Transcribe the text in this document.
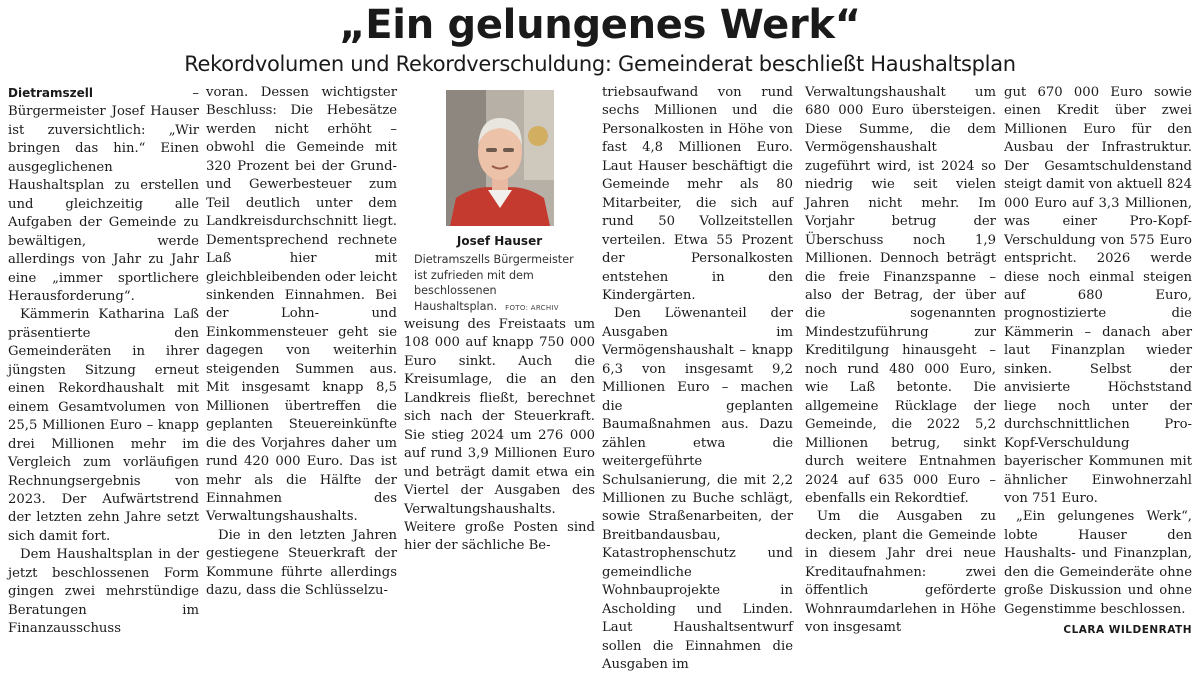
„Ein gelungenes Werk“
Rekordvolumen und Rekordverschuldung: Gemeinderat beschließt Haushaltsplan

Dietramszell	– Bürgermeister Josef Hauser ist zuversichtlich: „Wir bringen das hin.“ Einen ausgeglichenen Haushaltsplan zu erstellen und gleichzeitig alle Aufgaben der Gemeinde zu bewältigen, werde allerdings von Jahr zu Jahr eine „immer sportlichere Herausforderung“.

Kämmerin Katharina Laß präsentierte den Gemeinderäten in ihrer jüngsten Sitzung erneut einen Rekordhaushalt mit einem Gesamtvolumen von 25,5 Millionen Euro – knapp drei Millionen mehr im Vergleich zum vorläufigen Rechnungsergebnis von 2023. Der Aufwärtstrend der letzten zehn Jahre setzt sich damit fort.

Dem Haushaltsplan in der jetzt beschlossenen Form gingen zwei mehrstündige Beratungen im Finanzausschuss

voran. Dessen wichtigster Beschluss: Die Hebesätze werden nicht erhöht – obwohl die Gemeinde mit 320 Prozent bei der Grund- und Gewerbesteuer zum Teil deutlich unter dem Landkreisdurchschnitt liegt. Dementsprechend rechnete Laß hier mit gleichbleibenden oder leicht sinkenden Einnahmen. Bei der Lohn- und Einkommensteuer geht sie dagegen von weiterhin steigenden Summen aus. Mit insgesamt knapp 8,5 Millionen übertreffen die geplanten Steuereinkünfte die des Vorjahres daher um rund 420 000 Euro. Das ist mehr als die Hälfte der Einnahmen des Verwaltungshaushalts.

Die in den letzten Jahren gestiegene Steuerkraft der Kommune führte allerdings dazu, dass die Schlüsselzu-

Josef Hauser
Dietramszells Bürgermeister ist zufrieden mit dem beschlossenen Haushaltsplan. FOTO: ARCHIV

weisung des Freistaats um 108 000 auf knapp 750 000 Euro sinkt. Auch die Kreisumlage, die an den Landkreis fließt, berechnet sich nach der Steuerkraft. Sie stieg 2024 um 276 000 auf rund 3,9 Millionen Euro und beträgt damit etwa ein Viertel der Ausgaben des Verwaltungshaushalts. Weitere große Posten sind hier der sächliche Be-

triebsaufwand von rund sechs Millionen und die Personalkosten in Höhe von fast 4,8 Millionen Euro. Laut Hauser beschäftigt die Gemeinde mehr als 80 Mitarbeiter, die sich auf rund 50 Vollzeitstellen verteilen. Etwa 55 Prozent der Personalkosten entstehen in den Kindergärten.

Den Löwenanteil der Ausgaben im Vermögenshaushalt – knapp 6,3 von insgesamt 9,2 Millionen Euro – machen die geplanten Baumaßnahmen aus. Dazu zählen etwa die weitergeführte Schulsanierung, die mit 2,2 Millionen zu Buche schlägt, sowie Straßenarbeiten, der Breitbandausbau, Katastrophenschutz und gemeindliche Wohnbauprojekte in Ascholding und Linden. Laut Haushaltsentwurf sollen die Einnahmen die Ausgaben im

Verwaltungshaushalt um 680 000 Euro übersteigen. Diese Summe, die dem Vermögenshaushalt zugeführt wird, ist 2024 so niedrig wie seit vielen Jahren nicht mehr. Im Vorjahr betrug der Überschuss noch 1,9 Millionen. Dennoch beträgt die freie Finanzspanne – also der Betrag, der über die sogenannten Mindestzuführung zur Kreditilgung hinausgeht – noch rund 480 000 Euro, wie Laß betonte. Die allgemeine Rücklage der Gemeinde, die 2022 5,2 Millionen betrug, sinkt durch weitere Entnahmen 2024 auf 635 000 Euro – ebenfalls ein Rekordtief.

Um die Ausgaben zu decken, plant die Gemeinde in diesem Jahr drei neue Kreditaufnahmen: zwei öffentlich geförderte Wohnraumdarlehen in Höhe von insgesamt

gut 670 000 Euro sowie einen Kredit über zwei Millionen Euro für den Ausbau der Infrastruktur. Der Gesamtschuldenstand steigt damit von aktuell 824 000 Euro auf 3,3 Millionen, was einer Pro-Kopf-Verschuldung von 575 Euro entspricht. 2026 werde diese noch einmal steigen auf 680 Euro, prognostizierte die Kämmerin – danach aber laut Finanzplan wieder sinken. Selbst der anvisierte Höchststand liege noch unter der durchschnittlichen Pro-Kopf-Verschuldung bayerischer Kommunen mit ähnlicher Einwohnerzahl von 751 Euro.

„Ein gelungenes Werk“, lobte Hauser den Haushalts- und Finanzplan, den die Gemeinderäte ohne große Diskussion und ohne Gegenstimme beschlossen.

CLARA WILDENRATH
